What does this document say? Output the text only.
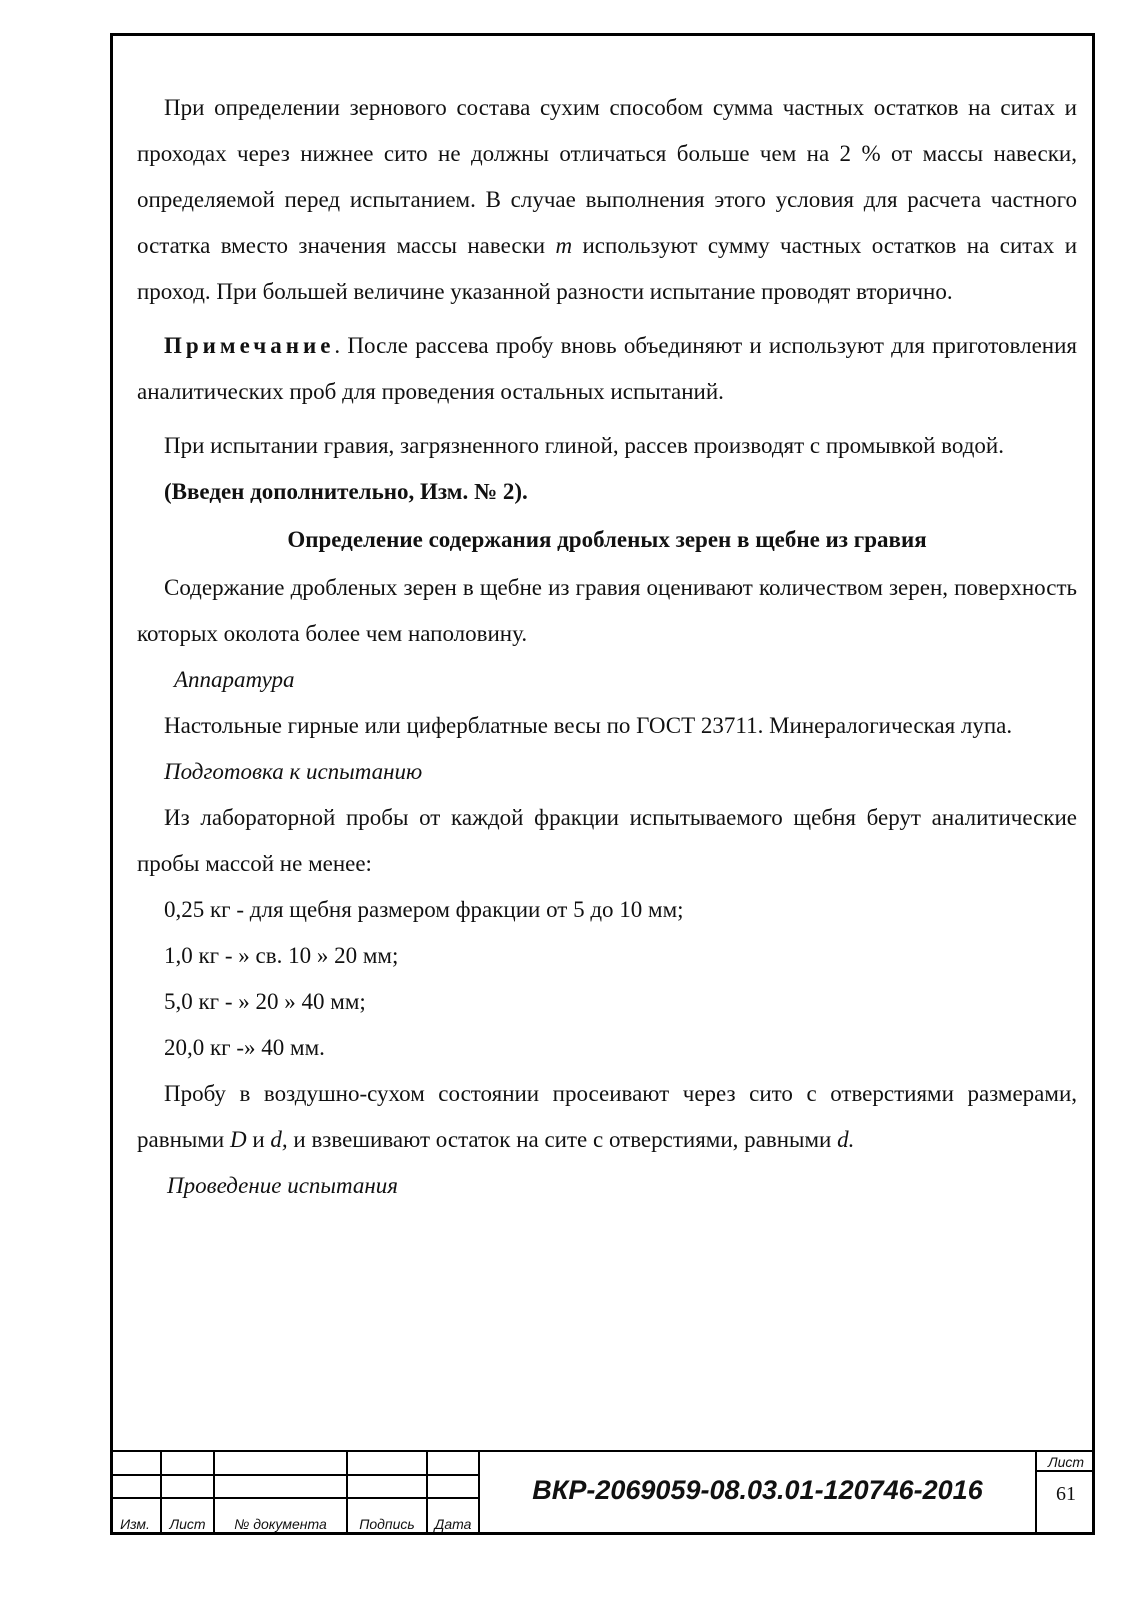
При определении зернового состава сухим способом сумма частных остатков на ситах и проходах через нижнее сито не должны отличаться больше чем на 2 % от массы навески, определяемой перед испытанием. В случае выполнения этого условия для расчета частного остатка вместо значения массы навески m используют сумму частных остатков на ситах и проход. При большей величине указанной разности испытание проводят вторично.

Примечание. После рассева пробу вновь объединяют и используют для приготовления аналитических проб для проведения остальных испытаний.

При испытании гравия, загрязненного глиной, рассев производят с промывкой водой.

(Введен дополнительно, Изм. № 2).

Определение содержания дробленых зерен в щебне из гравия

Содержание дробленых зерен в щебне из гравия оценивают количеством зерен, поверхность которых околота более чем наполовину.

Аппаратура

Настольные гирные или циферблатные весы по ГОСТ 23711. Минералогическая лупа.

Подготовка к испытанию

Из лабораторной пробы от каждой фракции испытываемого щебня берут аналитические пробы массой не менее:

0,25 кг - для щебня размером фракции от 5 до 10 мм;

1,0 кг - » св. 10 » 20 мм;

5,0 кг - » 20 » 40 мм;

20,0 кг -» 40 мм.

Пробу в воздушно-сухом состоянии просеивают через сито с отверстиями размерами, равными D и d, и взвешивают остаток на сите с отверстиями, равными d.

Проведение испытания

Изм.	Лист	№ документа	Подпись	Дата
ВКР-2069059-08.03.01-120746-2016
Лист
61
